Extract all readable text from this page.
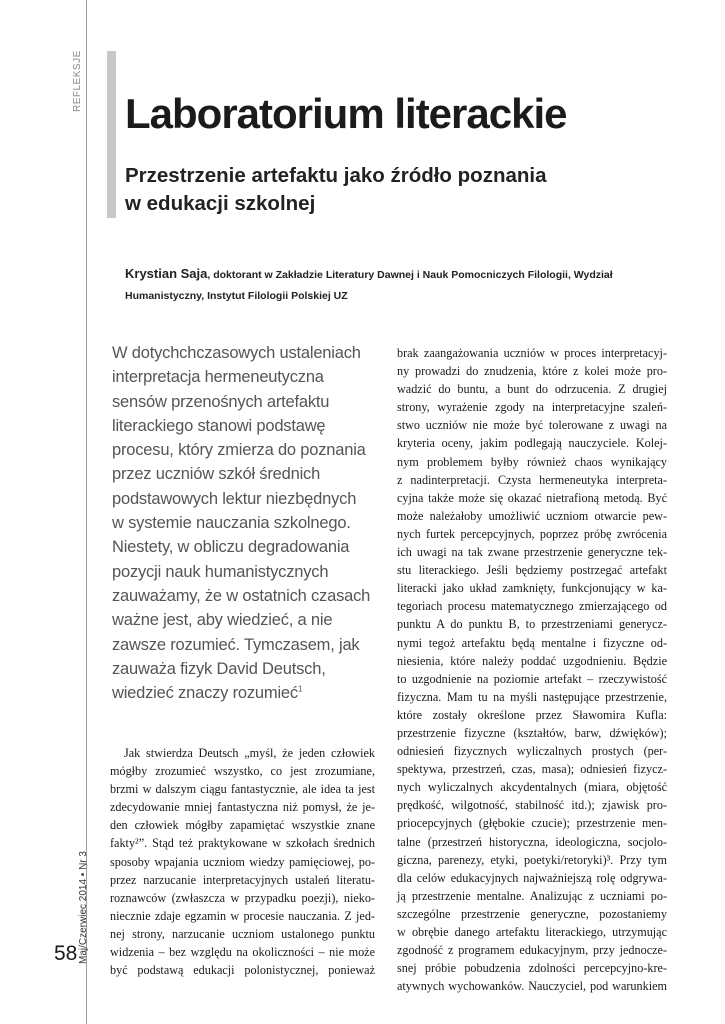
REFLEKSJE
Laboratorium literackie
Przestrzenie artefaktu jako źródło poznania
w edukacji szkolnej
Krystian Saja, doktorant w Zakładzie Literatury Dawnej i Nauk Pomocniczych Filologii, Wydział
Humanistyczny, Instytut Filologii Polskiej UZ

W dotychchczasowych ustaleniach

interpretacja hermeneutyczna

sensów przenośnych artefaktu

literackiego stanowi podstawę

procesu, który zmierza do poznania

przez uczniów szkół średnich

podstawowych lektur niezbędnych

w systemie nauczania szkolnego.

Niestety, w obliczu degradowania

pozycji nauk humanistycznych

zauważamy, że w ostatnich czasach

ważne jest, aby wiedzieć, a nie

zawsze rozumieć. Tymczasem, jak

zauważa fizyk David Deutsch,

wiedzieć znaczy rozumieć$^1$

Jak stwierdza Deutsch „myśl, że jeden człowiek

mógłby zrozumieć wszystko, co jest zrozumiane,

brzmi w dalszym ciągu fantastycznie, ale idea ta jest

zdecydowanie mniej fantastyczna niż pomysł, że je-

den człowiek mógłby zapamiętać wszystkie znane

fakty²”. Stąd też praktykowane w szkołach średnich

sposoby wpajania uczniom wiedzy pamięciowej, po-

przez narzucanie interpretacyjnych ustaleń literatu-

roznawców (zwłaszcza w przypadku poezji), nieko-

niecznie zdaje egzamin w procesie nauczania. Z jed-

nej strony, narzucanie uczniom ustalonego punktu

widzenia – bez względu na okoliczności – nie może

być podstawą edukacji polonistycznej, ponieważ

brak zaangażowania uczniów w proces interpretacyj-

ny prowadzi do znudzenia, które z kolei może pro-

wadzić do buntu, a bunt do odrzucenia. Z drugiej

strony, wyrażenie zgody na interpretacyjne szaleń-

stwo uczniów nie może być tolerowane z uwagi na

kryteria oceny, jakim podlegają nauczyciele. Kolej-

nym problemem byłby również chaos wynikający

z nadinterpretacji. Czysta hermeneutyka interpreta-

cyjna także może się okazać nietrafioną metodą. Być

może należałoby umożliwić uczniom otwarcie pew-

nych furtek percepcyjnych, poprzez próbę zwrócenia

ich uwagi na tak zwane przestrzenie generyczne tek-

stu literackiego. Jeśli będziemy postrzegać artefakt

literacki jako układ zamknięty, funkcjonujący w ka-

tegoriach procesu matematycznego zmierzającego od

punktu A do punktu B, to przestrzeniami generycz-

nymi tegoż artefaktu będą mentalne i fizyczne od-

niesienia, które należy poddać uzgodnieniu. Będzie

to uzgodnienie na poziomie artefakt – rzeczywistość

fizyczna. Mam tu na myśli następujące przestrzenie,

które zostały określone przez Sławomira Kufla:

przestrzenie fizyczne (kształtów, barw, dźwięków);

odniesień fizycznych wyliczalnych prostych (per-

spektywa, przestrzeń, czas, masa); odniesień fizycz-

nych wyliczalnych akcydentalnych (miara, objętość

prędkość, wilgotność, stabilność itd.); zjawisk pro-

priocepcyjnych (głębokie czucie); przestrzenie men-

talne (przestrzeń historyczna, ideologiczna, socjolo-

giczna, parenezy, etyki, poetyki/retoryki)³. Przy tym

dla celów edukacyjnych najważniejszą rolę odgrywa-

ją przestrzenie mentalne. Analizując z uczniami po-

szczególne przestrzenie generyczne, pozostaniemy

w obrębie danego artefaktu literackiego, utrzymując

zgodność z programem edukacyjnym, przy jednocze-

snej próbie pobudzenia zdolności percepcyjno-kre-

atywnych wychowanków. Nauczyciel, pod warunkiem

Maj/Czerwiec 2014 • Nr 3
58
